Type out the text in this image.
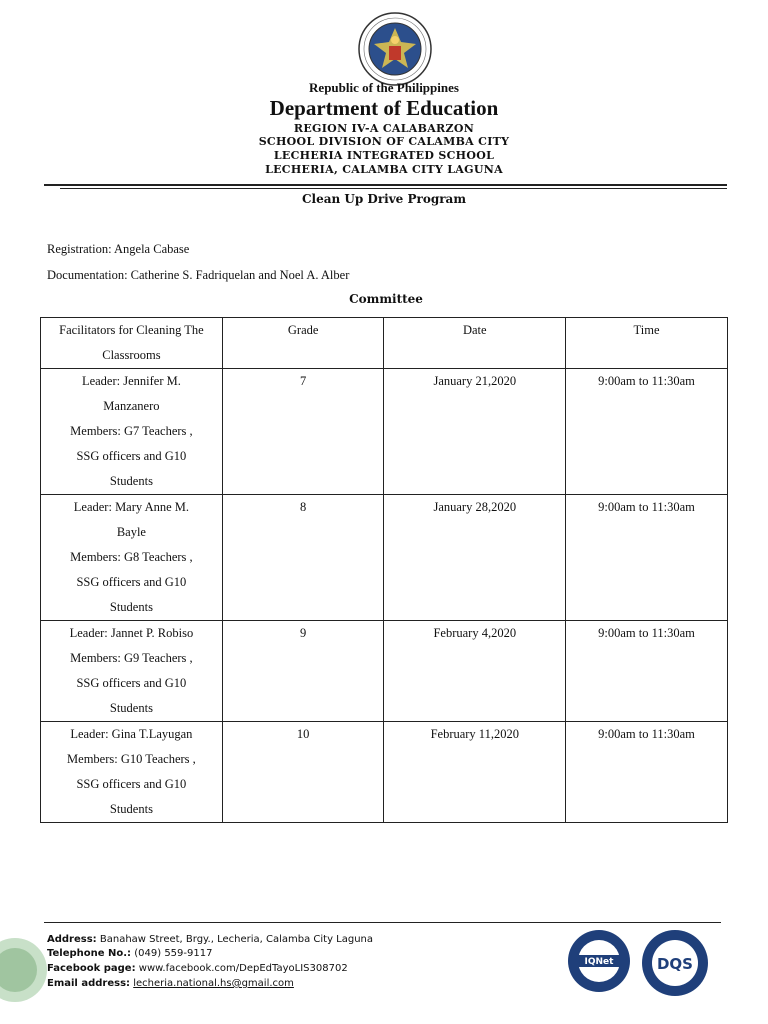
Republic of the Philippines
Department of Education
REGION IV-A CALABARZON
SCHOOL DIVISION OF CALAMBA CITY
LECHERIA INTEGRATED SCHOOL
LECHERIA, CALAMBA CITY LAGUNA
Clean Up Drive Program
Registration: Angela Cabase
Documentation: Catherine S. Fadriquelan and Noel A. Alber
Committee
Facilitators for Cleaning The Classrooms	Grade	Date	Time

Leader: Jennifer M.
Manzanero
Members: G7 Teachers ,
SSG officers and G10
Students	7	January 21,2020	9:00am to 11:30am

Leader: Mary Anne M.
Bayle
Members: G8 Teachers ,
SSG officers and G10
Students	8	January 28,2020	9:00am to 11:30am

Leader: Jannet P. Robiso
Members: G9 Teachers ,
SSG officers and G10
Students	9	February 4,2020	9:00am to 11:30am

Leader: Gina T.Layugan
Members: G10 Teachers ,
SSG officers and G10
Students	10	February 11,2020	9:00am to 11:30am
Address: Banahaw Street, Brgy., Lecheria, Calamba City Laguna
Telephone No.: (049) 559-9117
Facebook page: www.facebook.com/DepEdTayoLIS308702
Email address: lecheria.national.hs@gmail.com
IQNet	DQS
